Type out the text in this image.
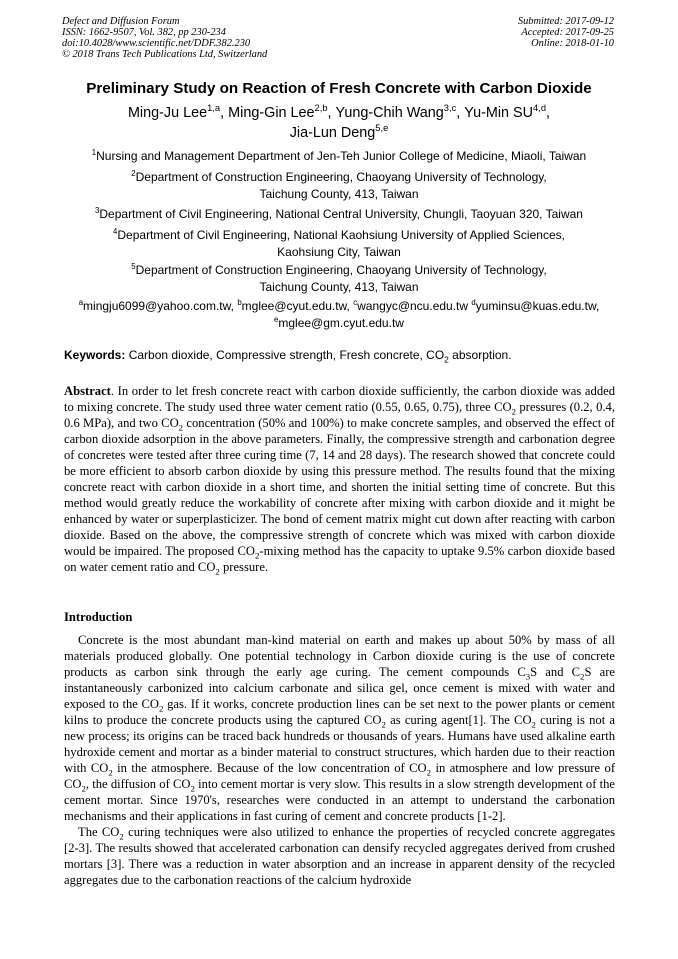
Defect and Diffusion Forum
ISSN: 1662-9507, Vol. 382, pp 230-234
doi:10.4028/www.scientific.net/DDF.382.230
© 2018 Trans Tech Publications Ltd, Switzerland
Submitted: 2017-09-12
Accepted: 2017-09-25
Online: 2018-01-10
Preliminary Study on Reaction of Fresh Concrete with Carbon Dioxide
Ming-Ju Lee$^{1,a}$, Ming-Gin Lee$^{2,b}$, Yung-Chih Wang$^{3,c}$, Yu-Min SU$^{4,d}$,
Jia-Lun Deng$^{5,e}$
$^1$Nursing and Management Department of Jen-Teh Junior College of Medicine, Miaoli, Taiwan
$^2$Department of Construction Engineering, Chaoyang University of Technology,
Taichung County, 413, Taiwan
$^3$Department of Civil Engineering, National Central University, Chungli, Taoyuan 320, Taiwan
$^4$Department of Civil Engineering, National Kaohsiung University of Applied Sciences,
Kaohsiung City, Taiwan
$^5$Department of Construction Engineering, Chaoyang University of Technology,
Taichung County, 413, Taiwan
$^a$mingju6099@yahoo.com.tw, $^b$mglee@cyut.edu.tw, $^c$wangyc@ncu.edu.tw $^d$yuminsu@kuas.edu.tw,
$^e$mglee@gm.cyut.edu.tw
Keywords: Carbon dioxide, Compressive strength, Fresh concrete, $CO_2$ absorption.
Abstract. In order to let fresh concrete react with carbon dioxide sufficiently, the carbon dioxide was added to mixing concrete. The study used three water cement ratio (0.55, 0.65, 0.75), three $CO_2$ pressures (0.2, 0.4, 0.6 MPa), and two $CO_2$ concentration (50% and 100%) to make concrete samples, and observed the effect of carbon dioxide adsorption in the above parameters. Finally, the compressive strength and carbonation degree of concretes were tested after three curing time (7, 14 and 28 days). The research showed that concrete could be more efficient to absorb carbon dioxide by using this pressure method. The results found that the mixing concrete react with carbon dioxide in a short time, and shorten the initial setting time of concrete. But this method would greatly reduce the workability of concrete after mixing with carbon dioxide and it might be enhanced by water or superplasticizer. The bond of cement matrix might cut down after reacting with carbon dioxide. Based on the above, the compressive strength of concrete which was mixed with carbon dioxide would be impaired. The proposed $CO_2$-mixing method has the capacity to uptake 9.5% carbon dioxide based on water cement ratio and $CO_2$ pressure.
Introduction

Concrete is the most abundant man-kind material on earth and makes up about 50% by mass of all materials produced globally. One potential technology in Carbon dioxide curing is the use of concrete products as carbon sink through the early age curing. The cement compounds $C_3S$ and $C_2S$ are instantaneously carbonized into calcium carbonate and silica gel, once cement is mixed with water and exposed to the $CO_2$ gas. If it works, concrete production lines can be set next to the power plants or cement kilns to produce the concrete products using the captured $CO_2$ as curing agent[1]. The $CO_2$ curing is not a new process; its origins can be traced back hundreds or thousands of years. Humans have used alkaline earth hydroxide cement and mortar as a binder material to construct structures, which harden due to their reaction with $CO_2$ in the atmosphere. Because of the low concentration of $CO_2$ in atmosphere and low pressure of $CO_2$, the diffusion of $CO_2$ into cement mortar is very slow. This results in a slow strength development of the cement mortar. Since 1970's, researches were conducted in an attempt to understand the carbonation mechanisms and their applications in fast curing of cement and concrete products [1-2].

The $CO_2$ curing techniques were also utilized to enhance the properties of recycled concrete aggregates [2-3]. The results showed that accelerated carbonation can densify recycled aggregates derived from crushed mortars [3]. There was a reduction in water absorption and an increase in apparent density of the recycled aggregates due to the carbonation reactions of the calcium hydroxide
